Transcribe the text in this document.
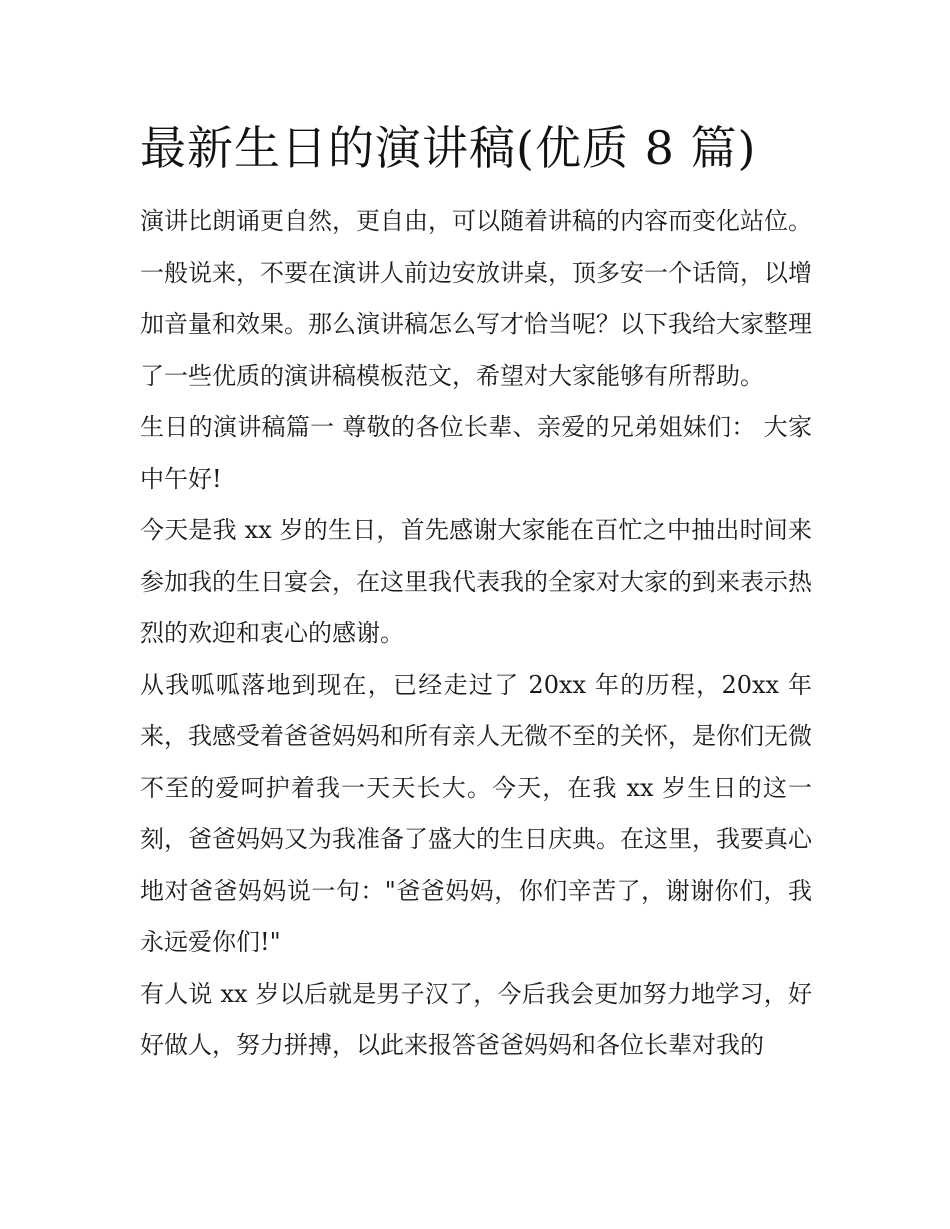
最新生日的演讲稿(优质 8 篇)

演讲比朗诵更自然，更自由，可以随着讲稿的内容而变化站位。一般说来，不要在演讲人前边安放讲桌，顶多安一个话筒，以增加音量和效果。那么演讲稿怎么写才恰当呢？以下我给大家整理了一些优质的演讲稿模板范文，希望对大家能够有所帮助。

生日的演讲稿篇一 尊敬的各位长辈、亲爱的兄弟姐妹们： 大家中午好!

今天是我 xx 岁的生日，首先感谢大家能在百忙之中抽出时间来参加我的生日宴会，在这里我代表我的全家对大家的到来表示热烈的欢迎和衷心的感谢。

从我呱呱落地到现在，已经走过了 20xx 年的历程，20xx 年来，我感受着爸爸妈妈和所有亲人无微不至的关怀，是你们无微不至的爱呵护着我一天天长大。今天，在我 xx 岁生日的这一刻，爸爸妈妈又为我准备了盛大的生日庆典。在这里，我要真心地对爸爸妈妈说一句："爸爸妈妈，你们辛苦了，谢谢你们，我永远爱你们!"

有人说 xx 岁以后就是男子汉了，今后我会更加努力地学习，好好做人，努力拼搏，以此来报答爸爸妈妈和各位长辈对我的
